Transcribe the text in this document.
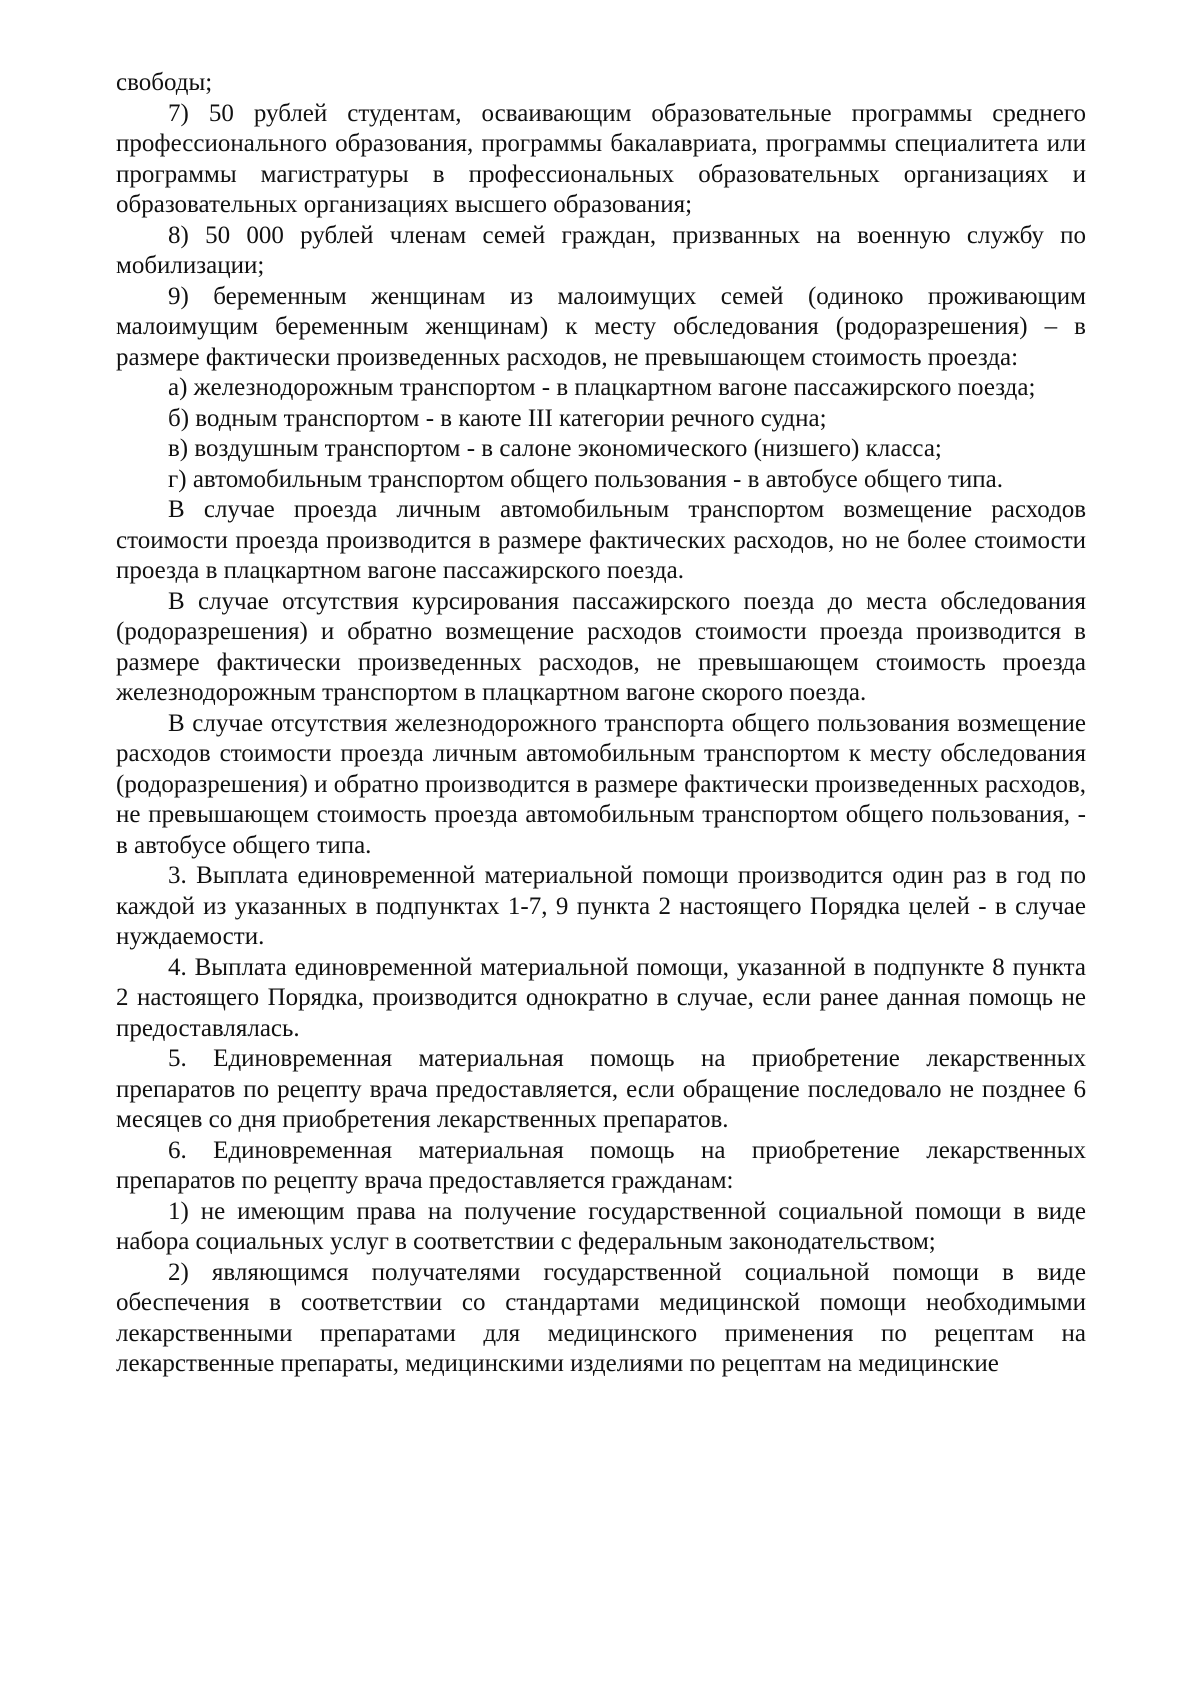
свободы;

7) 50 рублей студентам, осваивающим образовательные программы среднего профессионального образования, программы бакалавриата, программы специалитета или программы магистратуры в профессиональных образовательных организациях и образовательных организациях высшего образования;

8) 50 000 рублей членам семей граждан, призванных на военную службу по мобилизации;

9) беременным женщинам из малоимущих семей (одиноко проживающим малоимущим беременным женщинам) к месту обследования (родоразрешения) – в размере фактически произведенных расходов, не превышающем стоимость проезда:

а) железнодорожным транспортом - в плацкартном вагоне пассажирского поезда;

б) водным транспортом - в каюте III категории речного судна;

в) воздушным транспортом - в салоне экономического (низшего) класса;

г) автомобильным транспортом общего пользования - в автобусе общего типа.

В случае проезда личным автомобильным транспортом возмещение расходов стоимости проезда производится в размере фактических расходов, но не более стоимости проезда в плацкартном вагоне пассажирского поезда.

В случае отсутствия курсирования пассажирского поезда до места обследования (родоразрешения) и обратно возмещение расходов стоимости проезда производится в размере фактически произведенных расходов, не превышающем стоимость проезда железнодорожным транспортом в плацкартном вагоне скорого поезда.

В случае отсутствия железнодорожного транспорта общего пользования возмещение расходов стоимости проезда личным автомобильным транспортом к месту обследования (родоразрешения) и обратно производится в размере фактически произведенных расходов, не превышающем стоимость проезда автомобильным транспортом общего пользования, - в автобусе общего типа.

3. Выплата единовременной материальной помощи производится один раз в год по каждой из указанных в подпунктах 1-7, 9 пункта 2 настоящего Порядка целей - в случае нуждаемости.

4. Выплата единовременной материальной помощи, указанной в подпункте 8 пункта 2 настоящего Порядка, производится однократно в случае, если ранее данная помощь не предоставлялась.

5. Единовременная материальная помощь на приобретение лекарственных препаратов по рецепту врача предоставляется, если обращение последовало не позднее 6 месяцев со дня приобретения лекарственных препаратов.

6. Единовременная материальная помощь на приобретение лекарственных препаратов по рецепту врача предоставляется гражданам:

1) не имеющим права на получение государственной социальной помощи в виде набора социальных услуг в соответствии с федеральным законодательством;

2) являющимся получателями государственной социальной помощи в виде обеспечения в соответствии со стандартами медицинской помощи необходимыми лекарственными препаратами для медицинского применения по рецептам на лекарственные препараты, медицинскими изделиями по рецептам на медицинские
